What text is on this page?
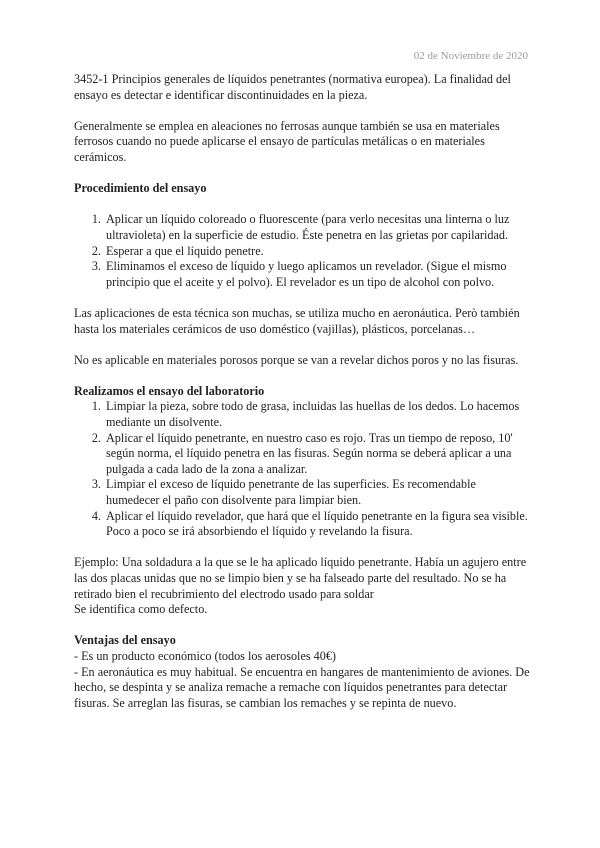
02 de Noviembre de 2020

3452-1 Principios generales de líquidos penetrantes (normativa europea). La finalidad del ensayo es detectar e identificar discontinuidades en la pieza.

Generalmente se emplea en aleaciones no ferrosas aunque también se usa en materiales ferrosos cuando no puede aplicarse el ensayo de partículas metálicas o en materiales cerámicos.

Procedimiento del ensayo
1. Aplicar un líquido coloreado o fluorescente (para verlo necesitas una linterna o luz ultravioleta) en la superficie de estudio. Éste penetra en las grietas por capilaridad.
2. Esperar a que el líquido penetre.
3. Eliminamos el exceso de líquido y luego aplicamos un revelador. (Sigue el mismo principio que el aceite y el polvo). El revelador es un tipo de alcohol con polvo.

Las aplicaciones de esta técnica son muchas, se utiliza mucho en aeronáutica. Però también hasta los materiales cerámicos de uso doméstico (vajillas), plásticos, porcelanas…

No es aplicable en materiales porosos porque se van a revelar dichos poros y no las fisuras.

Realizamos el ensayo del laboratorio
1. Limpiar la pieza, sobre todo de grasa, incluidas las huellas de los dedos. Lo hacemos mediante un disolvente.
2. Aplicar el líquido penetrante, en nuestro caso es rojo. Tras un tiempo de reposo, 10' según norma, el líquido penetra en las fisuras. Según norma se deberá aplicar a una pulgada a cada lado de la zona a analizar.
3. Limpiar el exceso de líquido penetrante de las superficies. Es recomendable humedecer el paño con disolvente para limpiar bien.
4. Aplicar el líquido revelador, que hará que el líquido penetrante en la figura sea visible. Poco a poco se irá absorbiendo el líquido y revelando la fisura.
Ejemplo: Una soldadura a la que se le ha aplicado líquido penetrante. Había un agujero entre las dos placas unidas que no se limpio bien y se ha falseado parte del resultado. No se ha retirado bien el recubrimiento del electrodo usado para soldar
Se identifica como defecto.
Ventajas del ensayo
- Es un producto económico (todos los aerosoles 40€)
- En aeronáutica es muy habitual. Se encuentra en hangares de mantenimiento de aviones. De hecho, se despinta y se analiza remache a remache con líquidos penetrantes para detectar fisuras. Se arreglan las fisuras, se cambian los remaches y se repinta de nuevo.
